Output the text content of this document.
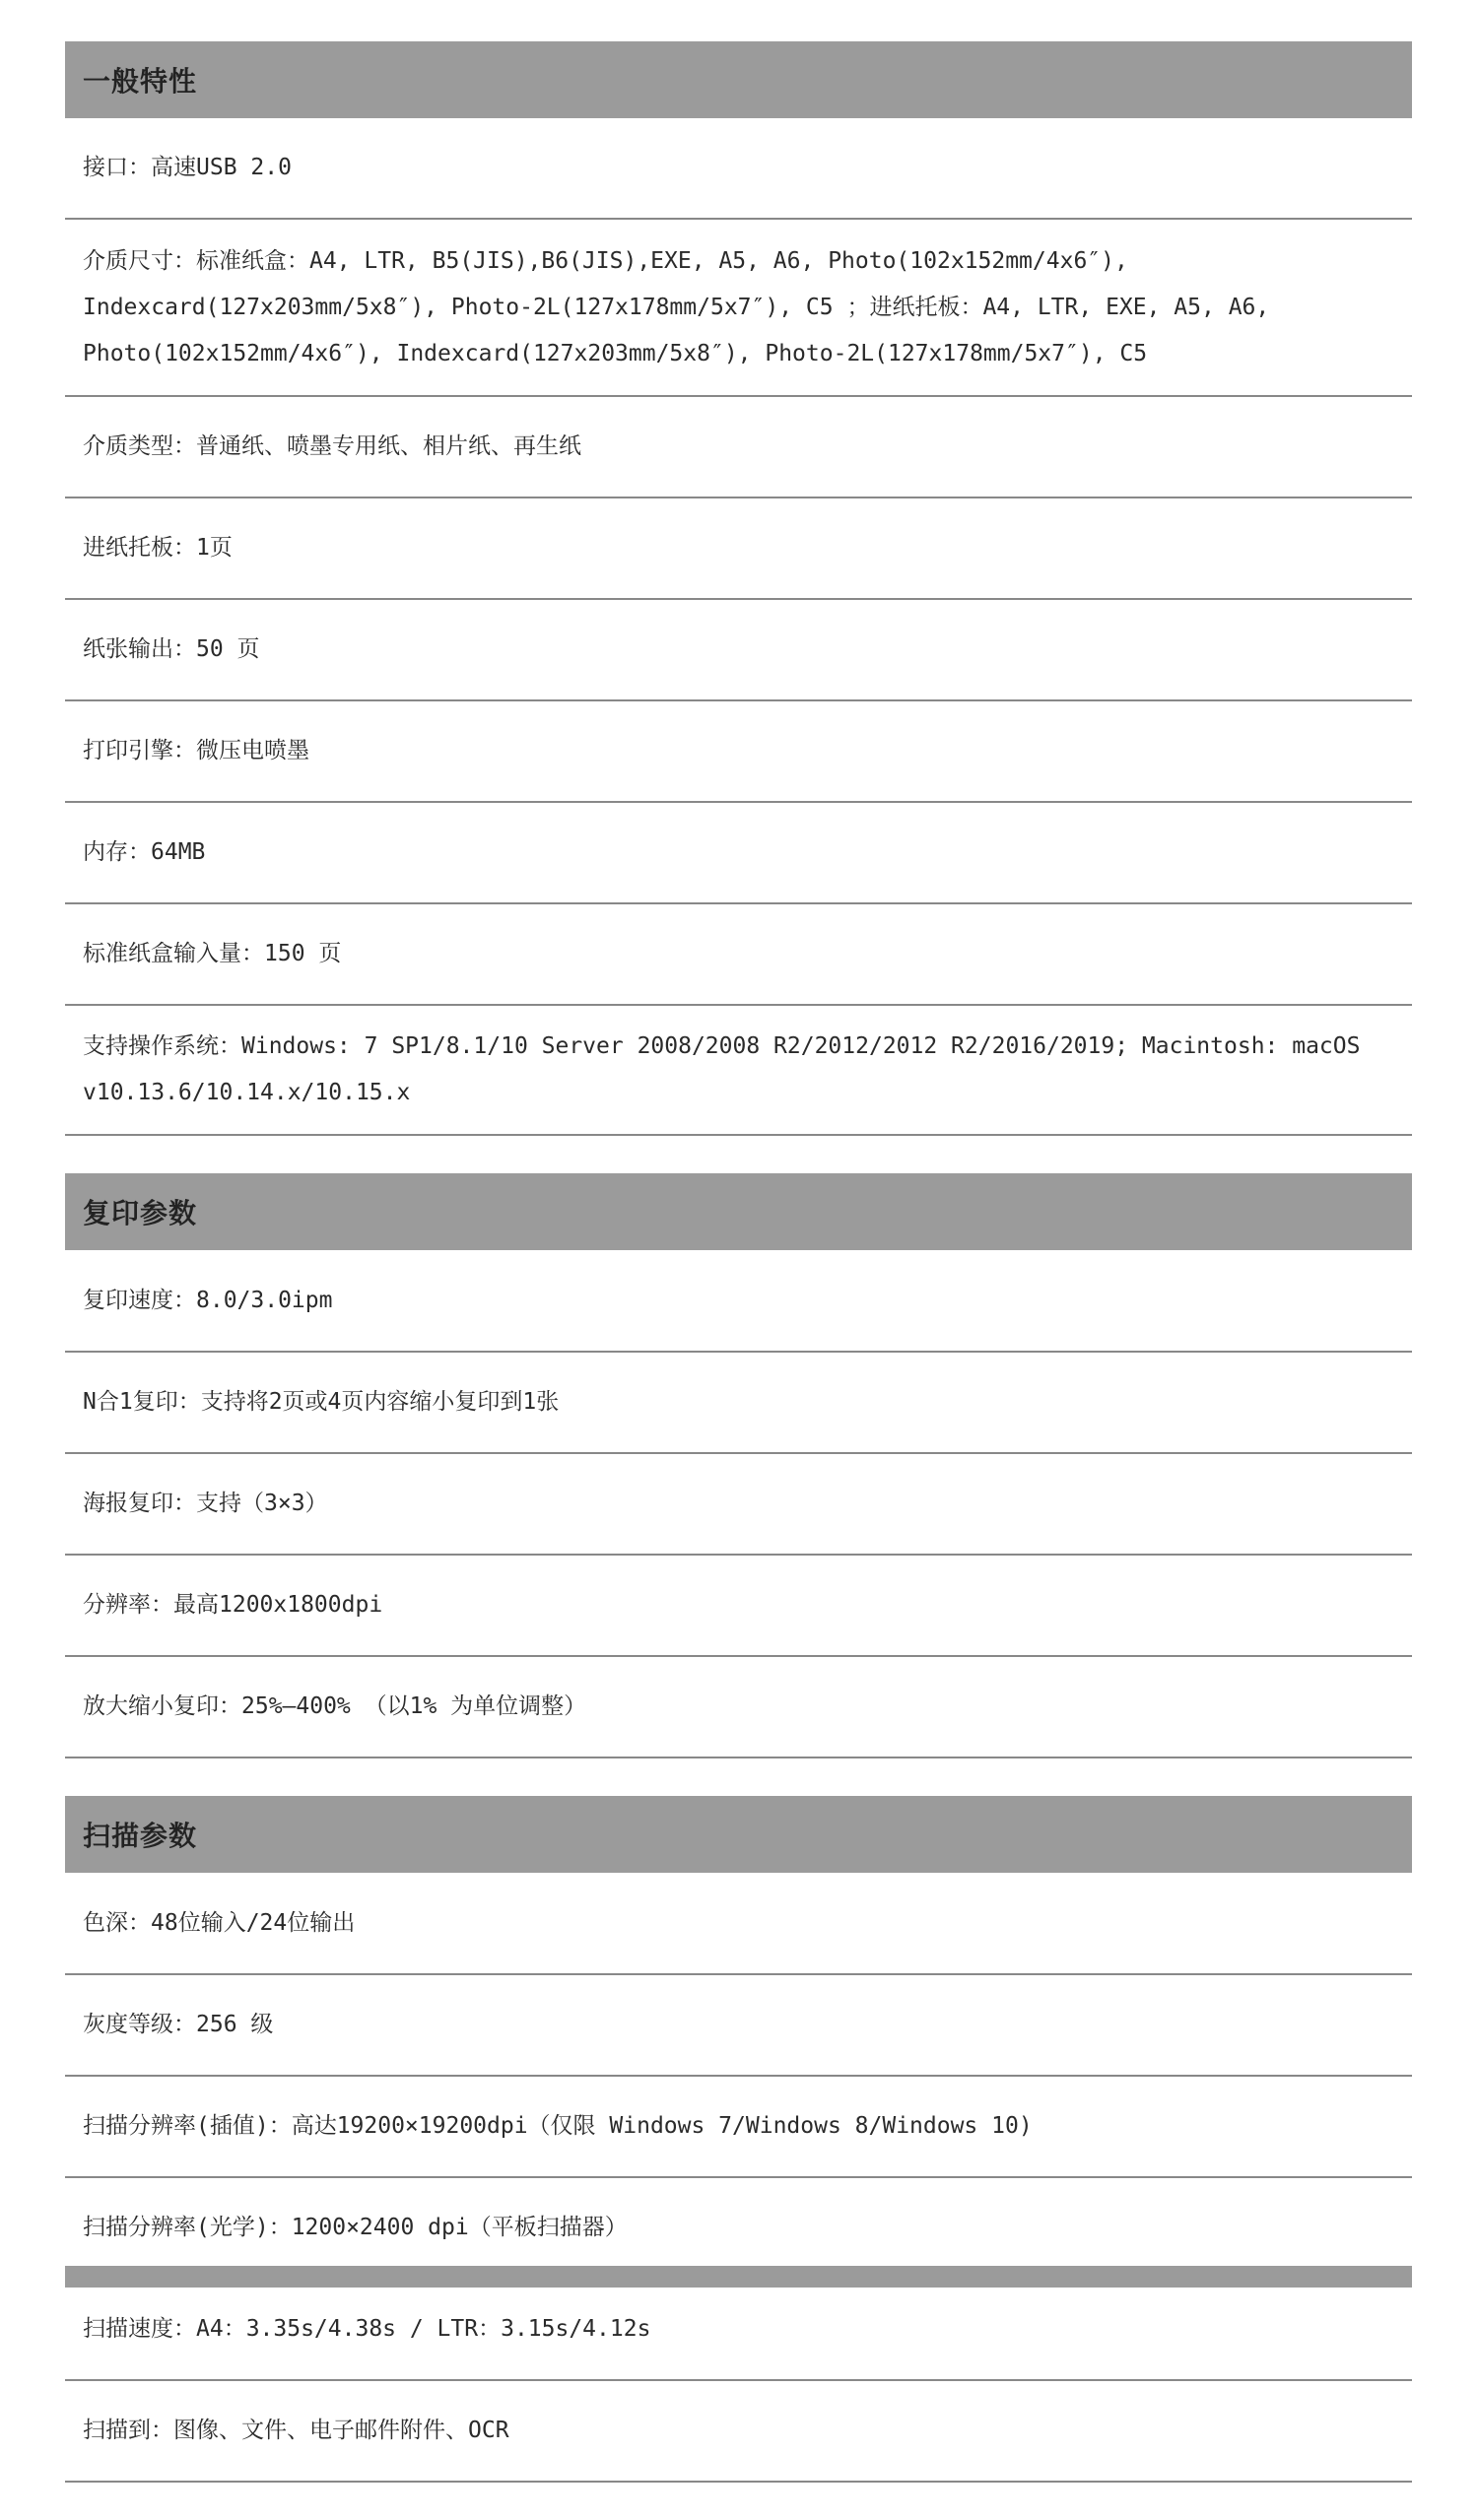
一般特性
接口：高速USB 2.0
介质尺寸：标准纸盒：A4, LTR, B5(JIS),B6(JIS),EXE, A5, A6, Photo(102x152mm/4x6″), Indexcard(127x203mm/5x8″), Photo-2L(127x178mm/5x7″), C5 ；进纸托板：A4, LTR, EXE, A5, A6, Photo(102x152mm/4x6″), Indexcard(127x203mm/5x8″), Photo-2L(127x178mm/5x7″), C5
介质类型：普通纸、喷墨专用纸、相片纸、再生纸
进纸托板：1页
纸张输出：50 页
打印引擎：微压电喷墨
内存：64MB
标准纸盒输入量：150 页
支持操作系统：Windows: 7 SP1/8.1/10 Server 2008/2008 R2/2012/2012 R2/2016/2019; Macintosh: macOS v10.13.6/10.14.x/10.15.x
复印参数
复印速度：8.0/3.0ipm
N合1复印：支持将2页或4页内容缩小复印到1张
海报复印：支持（3×3）
分辨率：最高1200x1800dpi
放大缩小复印：25%—400% （以1% 为单位调整）
扫描参数
色深：48位输入/24位输出
灰度等级：256 级
扫描分辨率(插值)：高达19200×19200dpi（仅限 Windows 7/Windows 8/Windows 10)
扫描分辨率(光学)：1200×2400 dpi（平板扫描器）
扫描速度：A4：3.35s/4.38s / LTR：3.15s/4.12s
扫描到：图像、文件、电子邮件附件、OCR
